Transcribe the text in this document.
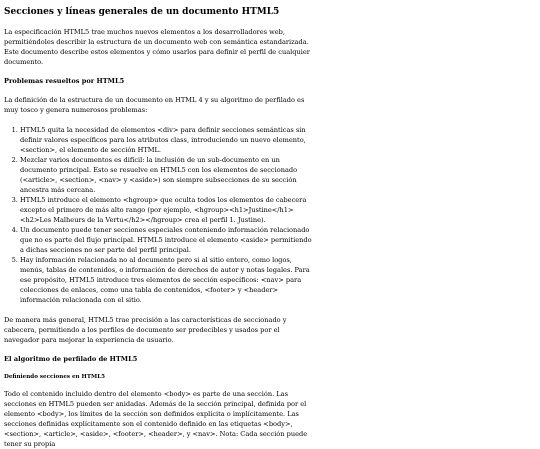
Secciones y líneas generales de un documento HTML5

La especificación HTML5 trae muchos nuevos elementos a los desarrolladores web, permitiéndoles describir la estructura de un documento web con semántica estandarizada. Este documento describe estos elementos y cómo usarlos para definir el perfil de cualquier documento.

Problemas resueltos por HTML5

La definición de la estructura de un documento en HTML 4 y su algoritmo de perfilado es muy tosco y genera numerosos problemas:

1. HTML5 quita la necesidad de elementos <div> para definir secciones semánticas sin definir valores específicos para los atributos class, introduciendo un nuevo elemento, <section>, el elemento de sección HTML.
2. Mezclar varios documentos es difícil: la inclusión de un sub-documento en un documento principal. Esto se resuelve en HTML5 con los elementos de seccionado (<article>, <section>, <nav> y <aside>) son siempre subsecciones de su sección ancestra más cercana.
3. HTML5 introduce el elemento <hgroup> que oculta todos los elementos de cabecera excepto el primero de más alto rango (por ejemplo, <hgroup><h1>Justine</h1><h2>Les Malheurs de la Vertu</h2></hgroup> crea el perfil 1. Justine).
4. Un documento puede tener secciones especiales conteniendo información relacionado que no es parte del flujo principal. HTML5 introduce el elemento <aside> permitiendo a dichas secciones no ser parte del perfil principal.
5. Hay información relacionada no al documento pero si al sitio entero, como logos, menús, tablas de contenidos, o información de derechos de autor y notas legales. Para ese propósito, HTML5 introduce tres elementos de sección específicos: <nav> para colecciones de enlaces, como una tabla de contenidos, <footer> y <header> información relacionada con el sitio.

De manera más general, HTML5 trae precisión a las características de seccionado y cabecera, permitiendo a los perfiles de documento ser predecibles y usados por el navegador para mejorar la experiencia de usuario.

El algoritmo de perfilado de HTML5
Definiendo secciones en HTML5

Todo el contenido incluido dentro del elemento <body> es parte de una sección. Las secciones en HTML5 pueden ser anidadas. Además de la sección principal, definida por el elemento <body>, los límites de la sección son definidos explícita o implícitamente. Las secciones definidas explícitamente son el contenido definido en las etiquetas <body>, <section>, <article>, <aside>, <footer>, <header>, y <nav>. Nota: Cada sección puede tener su propia
